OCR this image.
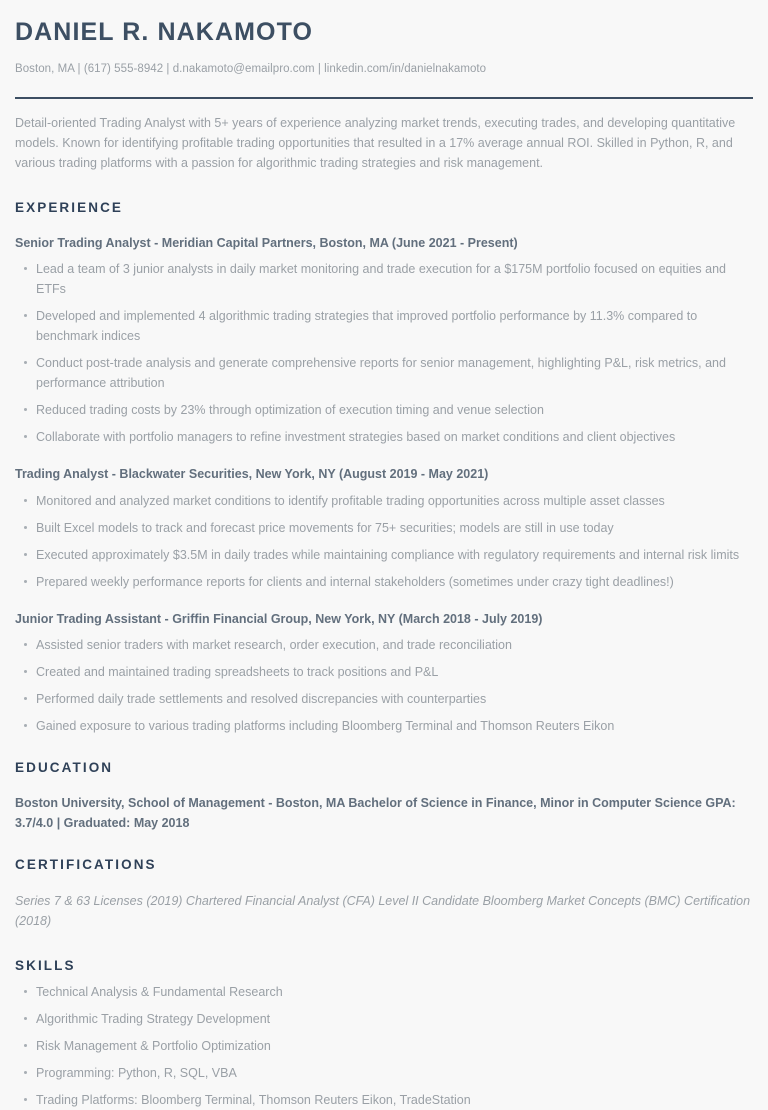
DANIEL R. NAKAMOTO
Boston, MA | (617) 555-8942 | d.nakamoto@emailpro.com | linkedin.com/in/danielnakamoto

Detail-oriented Trading Analyst with 5+ years of experience analyzing market trends, executing trades, and developing quantitative models. Known for identifying profitable trading opportunities that resulted in a 17% average annual ROI. Skilled in Python, R, and various trading platforms with a passion for algorithmic trading strategies and risk management.

EXPERIENCE
Senior Trading Analyst - Meridian Capital Partners, Boston, MA (June 2021 - Present)
Lead a team of 3 junior analysts in daily market monitoring and trade execution for a $175M portfolio focused on equities and ETFs
Developed and implemented 4 algorithmic trading strategies that improved portfolio performance by 11.3% compared to benchmark indices
Conduct post-trade analysis and generate comprehensive reports for senior management, highlighting P&L, risk metrics, and performance attribution
Reduced trading costs by 23% through optimization of execution timing and venue selection
Collaborate with portfolio managers to refine investment strategies based on market conditions and client objectives
Trading Analyst - Blackwater Securities, New York, NY (August 2019 - May 2021)
Monitored and analyzed market conditions to identify profitable trading opportunities across multiple asset classes
Built Excel models to track and forecast price movements for 75+ securities; models are still in use today
Executed approximately $3.5M in daily trades while maintaining compliance with regulatory requirements and internal risk limits
Prepared weekly performance reports for clients and internal stakeholders (sometimes under crazy tight deadlines!)
Junior Trading Assistant - Griffin Financial Group, New York, NY (March 2018 - July 2019)
Assisted senior traders with market research, order execution, and trade reconciliation
Created and maintained trading spreadsheets to track positions and P&L
Performed daily trade settlements and resolved discrepancies with counterparties
Gained exposure to various trading platforms including Bloomberg Terminal and Thomson Reuters Eikon
EDUCATION

Boston University, School of Management - Boston, MA Bachelor of Science in Finance, Minor in Computer Science GPA: 3.7/4.0 | Graduated: May 2018

CERTIFICATIONS

Series 7 & 63 Licenses (2019) Chartered Financial Analyst (CFA) Level II Candidate Bloomberg Market Concepts (BMC) Certification (2018)

SKILLS
Technical Analysis & Fundamental Research
Algorithmic Trading Strategy Development
Risk Management & Portfolio Optimization
Programming: Python, R, SQL, VBA
Trading Platforms: Bloomberg Terminal, Thomson Reuters Eikon, TradeStation
